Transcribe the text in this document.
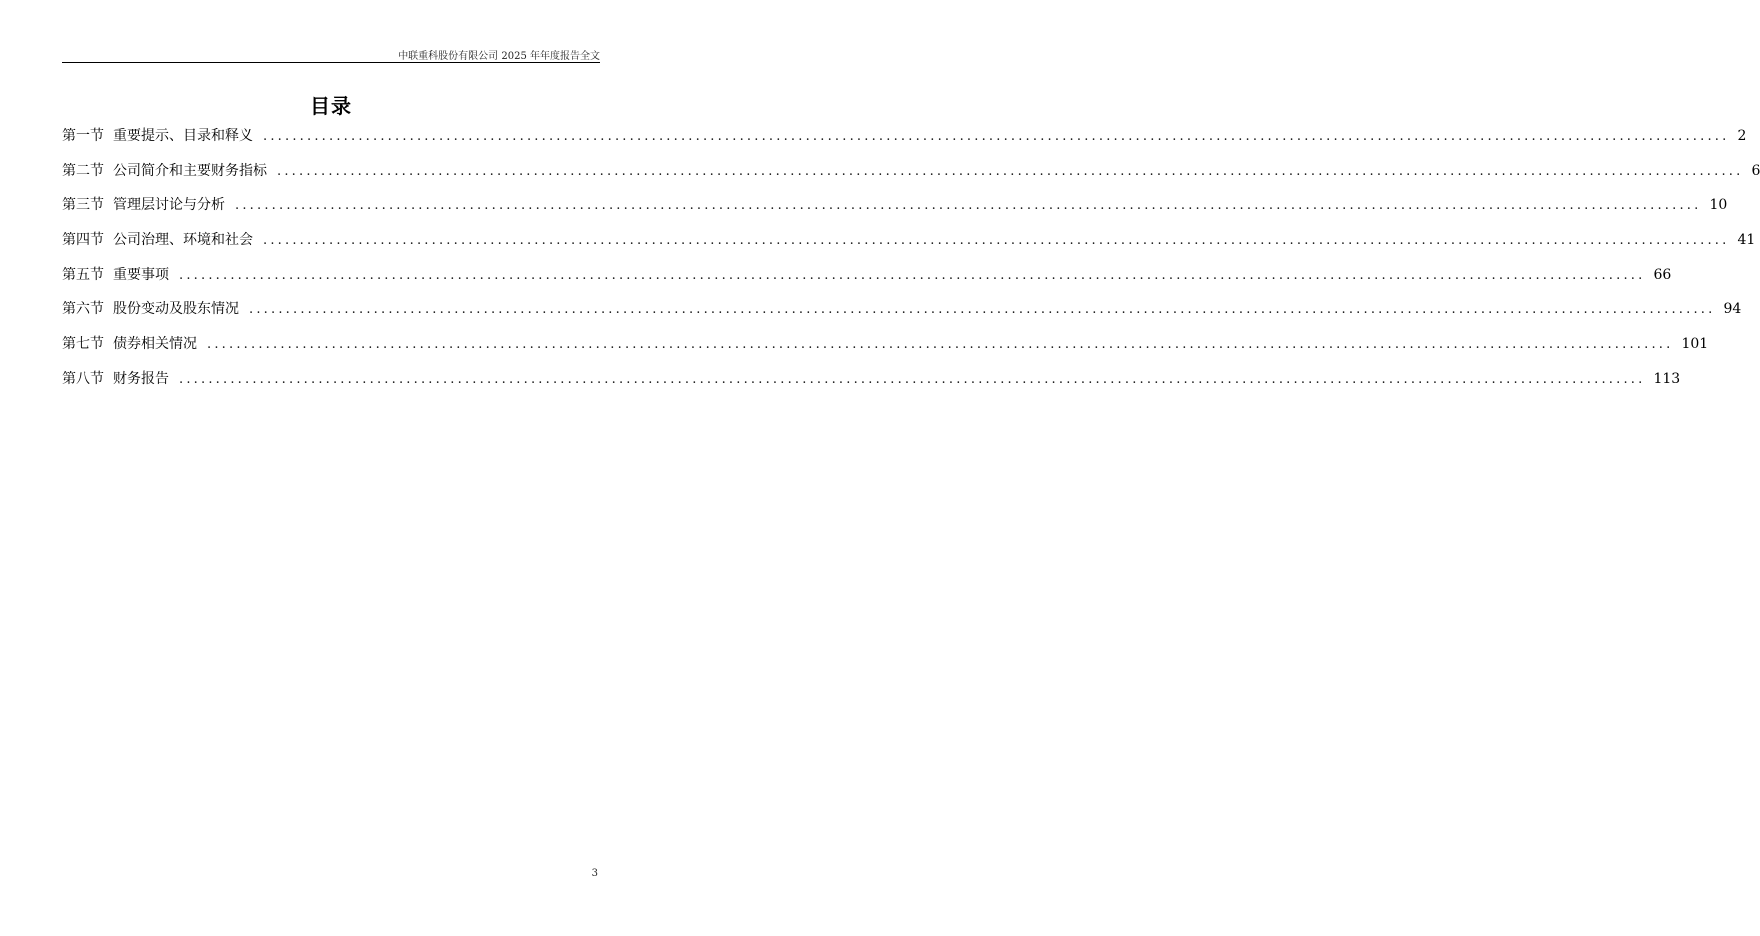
中联重科股份有限公司 2025 年年度报告全文
目录
第一节 重要提示、目录和释义 ........................................................................................................................................................................................................ 2
第二节 公司简介和主要财务指标 ........................................................................................................................................................................................................ 6
第三节 管理层讨论与分析 ........................................................................................................................................................................................................ 10
第四节 公司治理、环境和社会 ........................................................................................................................................................................................................ 41
第五节 重要事项 ........................................................................................................................................................................................................ 66
第六节 股份变动及股东情况 ........................................................................................................................................................................................................ 94
第七节 债券相关情况 ........................................................................................................................................................................................................ 101
第八节 财务报告 ........................................................................................................................................................................................................ 113
3
